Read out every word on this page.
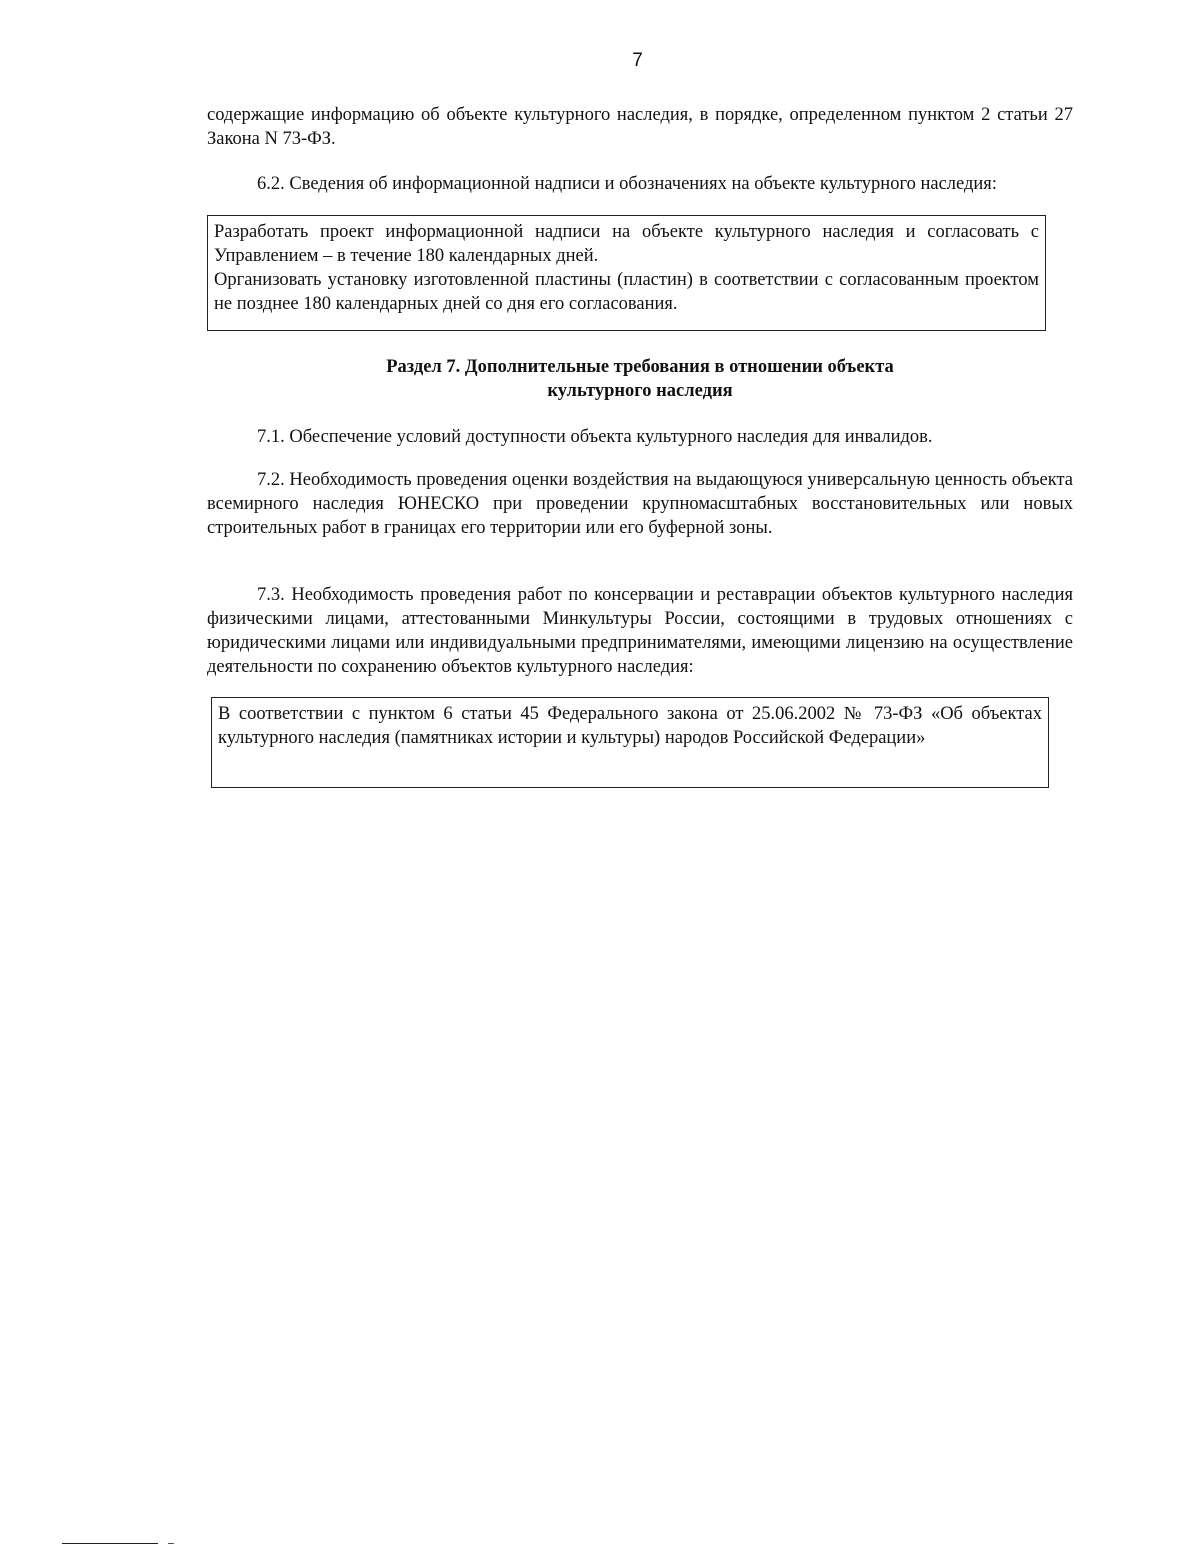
7

содержащие информацию об объекте культурного наследия, в порядке, определенном пунктом 2 статьи 27 Закона N 73-ФЗ.

6.2. Сведения об информационной надписи и обозначениях на объекте культурного наследия:

Разработать проект информационной надписи на объекте культурного наследия и согласовать с Управлением – в течение 180 календарных дней.

Организовать установку изготовленной пластины (пластин) в соответствии с согласованным проектом не позднее 180 календарных дней со дня его согласования.

Раздел 7. Дополнительные требования в отношении объекта
культурного наследия

7.1. Обеспечение условий доступности объекта культурного наследия для инвалидов.

7.2. Необходимость проведения оценки воздействия на выдающуюся универсальную ценность объекта всемирного наследия ЮНЕСКО при проведении крупномасштабных восстановительных или новых строительных работ в границах его территории или его буферной зоны.

7.3. Необходимость проведения работ по консервации и реставрации объектов культурного наследия физическими лицами, аттестованными Минкультуры России, состоящими в трудовых отношениях с юридическими лицами или индивидуальными предпринимателями, имеющими лицензию на осуществление деятельности по сохранению объектов культурного наследия:

В соответствии с пунктом 6 статьи 45 Федерального закона от 25.06.2002 № 73-ФЗ «Об объектах культурного наследия (памятниках истории и культуры) народов Российской Федерации»
